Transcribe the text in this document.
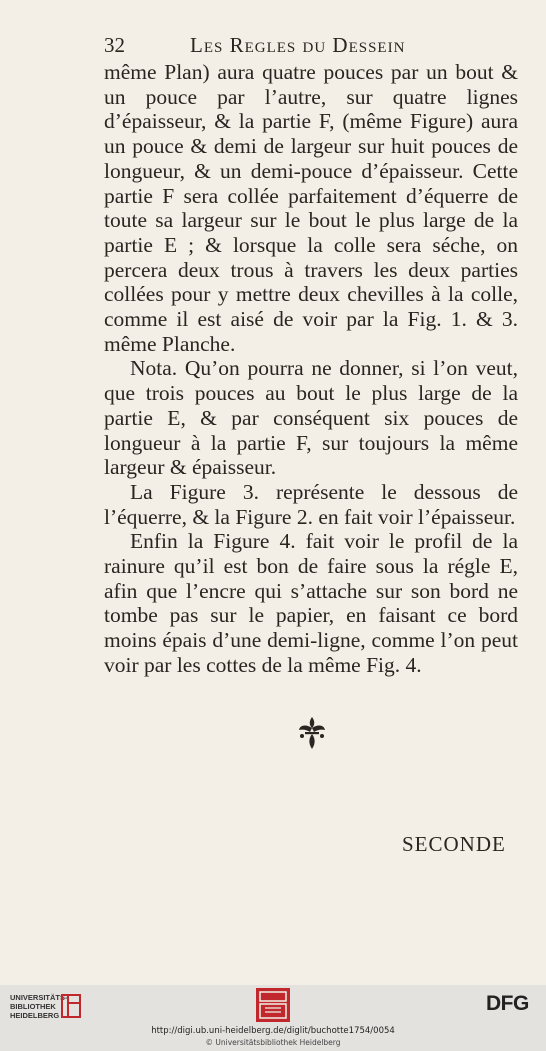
32	Les Regles du Dessein

même Plan) aura quatre pouces par un bout & un pouce par l’autre, sur quatre lignes d’épaisseur, & la partie F, (même Figure) aura un pouce & demi de largeur sur huit pouces de longueur, & un demi-pouce d’épaisseur. Cette partie F sera collée parfaitement d’équerre de toute sa largeur sur le bout le plus large de la partie E ; & lorsque la colle sera séche, on percera deux trous à travers les deux parties collées pour y mettre deux chevilles à la colle, comme il est aisé de voir par la Fig. 1. & 3. même Planche.

Nota. Qu’on pourra ne donner, si l’on veut, que trois pouces au bout le plus large de la partie E, & par conséquent six pouces de longueur à la partie F, sur toujours la même largeur & épaisseur.

La Figure 3. représente le dessous de l’équerre, & la Figure 2. en fait voir l’épaisseur.

Enfin la Figure 4. fait voir le profil de la rainure qu’il est bon de faire sous la régle E, afin que l’encre qui s’attache sur son bord ne tombe pas sur le papier, en faisant ce bord moins épais d’une demi-ligne, comme l’on peut voir par les cottes de la même Fig. 4.

SECONDE
UNIVERSITÄTS-
BIBLIOTHEK
HEIDELBERG
DFG
http://digi.ub.uni-heidelberg.de/diglit/buchotte1754/0054
© Universitätsbibliothek Heidelberg
